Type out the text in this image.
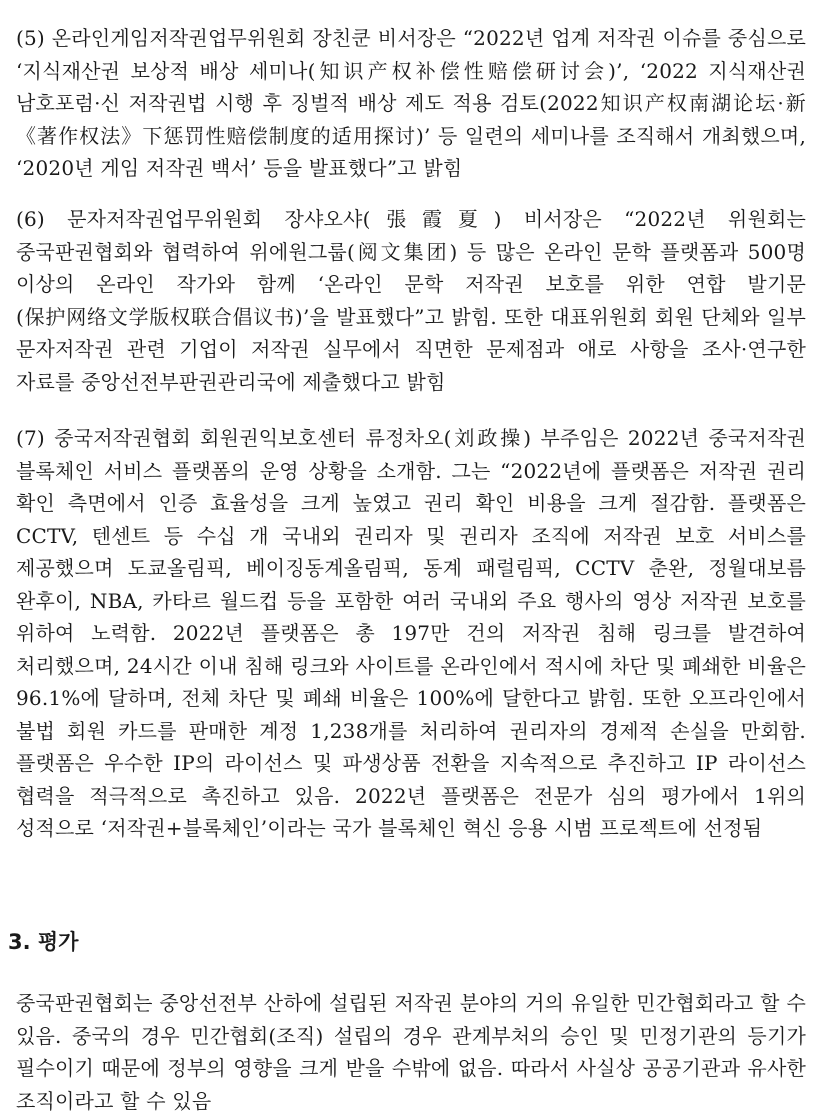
(5) 온라인게임저작권업무위원회 장친쿤 비서장은 “2022년 업계 저작권 이슈를 중심으로 ‘지식재산권 보상적 배상 세미나(知识产权补偿性赔偿研讨会)’, ‘2022 지식재산권 남호포럼·신 저작권법 시행 후 징벌적 배상 제도 적용 검토(2022知识产权南湖论坛·新《著作权法》下惩罚性赔偿制度的适用探讨)’ 등 일련의 세미나를 조직해서 개최했으며, ‘2020년 게임 저작권 백서’ 등을 발표했다”고 밝힘

(6) 문자저작권업무위원회 장샤오샤(張霞夏) 비서장은 “2022년 위원회는 중국판권협회와 협력하여 위에원그룹(阅文集团) 등 많은 온라인 문학 플랫폼과 500명 이상의 온라인 작가와 함께 ‘온라인 문학 저작권 보호를 위한 연합 발기문(保护网络文学版权联合倡议书)’을 발표했다”고 밝힘. 또한 대표위원회 회원 단체와 일부 문자저작권 관련 기업이 저작권 실무에서 직면한 문제점과 애로 사항을 조사·연구한 자료를 중앙선전부판권관리국에 제출했다고 밝힘

(7) 중국저작권협회 회원권익보호센터 류정차오(刘政操) 부주임은 2022년 중국저작권 블록체인 서비스 플랫폼의 운영 상황을 소개함. 그는 “2022년에 플랫폼은 저작권 권리 확인 측면에서 인증 효율성을 크게 높였고 권리 확인 비용을 크게 절감함. 플랫폼은 CCTV, 텐센트 등 수십 개 국내외 권리자 및 권리자 조직에 저작권 보호 서비스를 제공했으며 도쿄올림픽, 베이징동계올림픽, 동계 패럴림픽, CCTV 춘완, 정월대보름 완후이, NBA, 카타르 월드컵 등을 포함한 여러 국내외 주요 행사의 영상 저작권 보호를 위하여 노력함. 2022년 플랫폼은 총 197만 건의 저작권 침해 링크를 발견하여 처리했으며, 24시간 이내 침해 링크와 사이트를 온라인에서 적시에 차단 및 폐쇄한 비율은 96.1%에 달하며, 전체 차단 및 폐쇄 비율은 100%에 달한다고 밝힘. 또한 오프라인에서 불법 회원 카드를 판매한 계정 1,238개를 처리하여 권리자의 경제적 손실을 만회함. 플랫폼은 우수한 IP의 라이선스 및 파생상품 전환을 지속적으로 추진하고 IP 라이선스 협력을 적극적으로 촉진하고 있음. 2022년 플랫폼은 전문가 심의 평가에서 1위의 성적으로 ‘저작권+블록체인’이라는 국가 블록체인 혁신 응용 시범 프로젝트에 선정됨

3. 평가

중국판권협회는 중앙선전부 산하에 설립된 저작권 분야의 거의 유일한 민간협회라고 할 수 있음. 중국의 경우 민간협회(조직) 설립의 경우 관계부처의 승인 및 민정기관의 등기가 필수이기 때문에 정부의 영향을 크게 받을 수밖에 없음. 따라서 사실상 공공기관과 유사한 조직이라고 할 수 있음
